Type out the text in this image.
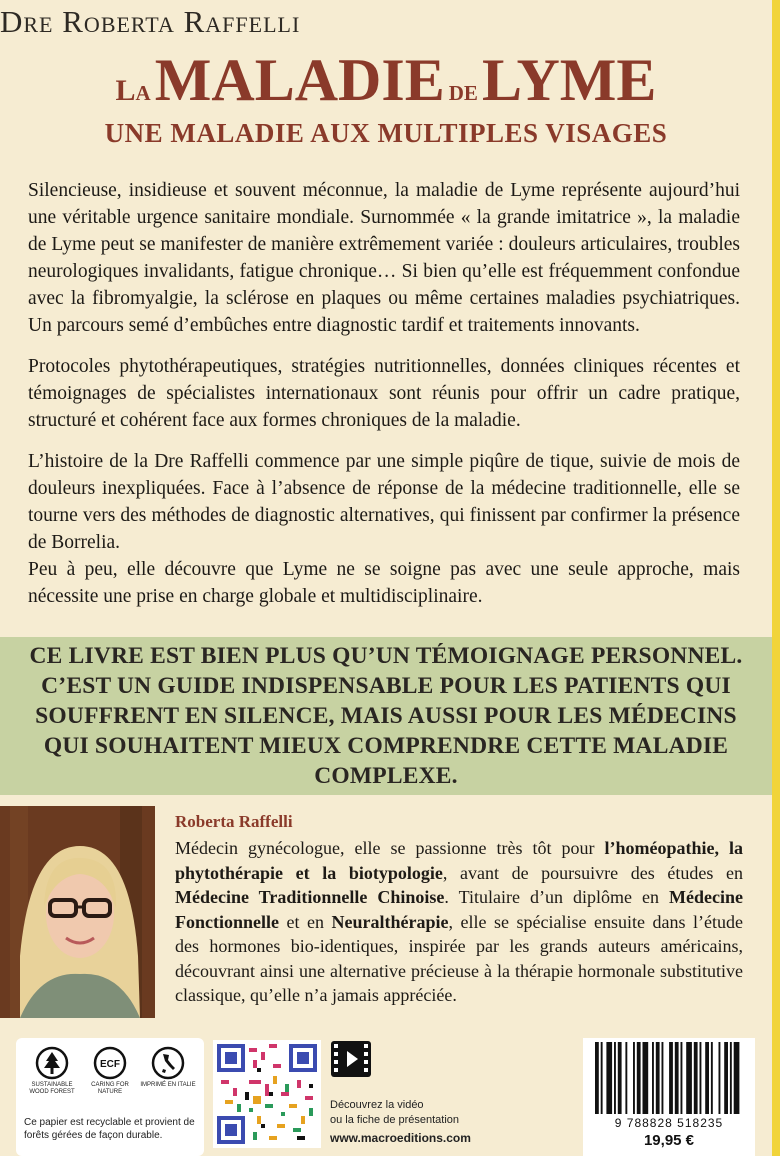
Dre Roberta Raffelli
La MALADIE de LYME
UNE MALADIE AUX MULTIPLES VISAGES

Silencieuse, insidieuse et souvent méconnue, la maladie de Lyme représente aujourd’hui une véritable urgence sanitaire mondiale. Surnommée « la grande imitatrice », la maladie de Lyme peut se manifester de manière extrêmement variée : douleurs articulaires, troubles neurologiques invalidants, fatigue chronique… Si bien qu’elle est fréquemment confondue avec la fibromyalgie, la sclérose en plaques ou même certaines maladies psychiatriques. Un parcours semé d’embûches entre diagnostic tardif et traitements innovants.

Protocoles phytothérapeutiques, stratégies nutritionnelles, données cliniques récentes et témoignages de spécialistes internationaux sont réunis pour offrir un cadre pratique, structuré et cohérent face aux formes chroniques de la maladie.

L’histoire de la Dre Raffelli commence par une simple piqûre de tique, suivie de mois de douleurs inexpliquées. Face à l’absence de réponse de la médecine traditionnelle, elle se tourne vers des méthodes de diagnostic alternatives, qui finissent par confirmer la présence de Borrelia.

Peu à peu, elle découvre que Lyme ne se soigne pas avec une seule approche, mais nécessite une prise en charge globale et multidisciplinaire.

CE LIVRE EST BIEN PLUS QU’UN TÉMOIGNAGE PERSONNEL. C’EST UN GUIDE INDISPENSABLE POUR LES PATIENTS QUI SOUFFRENT EN SILENCE, MAIS AUSSI POUR LES MÉDECINS QUI SOUHAITENT MIEUX COMPRENDRE CETTE MALADIE COMPLEXE.
Roberta Raffelli
Médecin gynécologue, elle se passionne très tôt pour l’homéopathie, la phytothérapie et la biotypologie, avant de poursuivre des études en Médecine Traditionnelle Chinoise. Titulaire d’un diplôme en Médecine Fonctionnelle et en Neuralthérapie, elle se spécialise ensuite dans l’étude des hormones bio-identiques, inspirée par les grands auteurs américains, découvrant ainsi une alternative précieuse à la thérapie hormonale substitutive classique, qu’elle n’a jamais appréciée.
SUSTAINABLE WOOD FOREST
ECF
CARING FOR NATURE
IMPRIMÉ EN ITALIE
Ce papier est recyclable et provient de forêts gérées de façon durable.
Découvrez la vidéo
ou la fiche de présentation
www.macroeditions.com
9 788828 518235
19,95 €
